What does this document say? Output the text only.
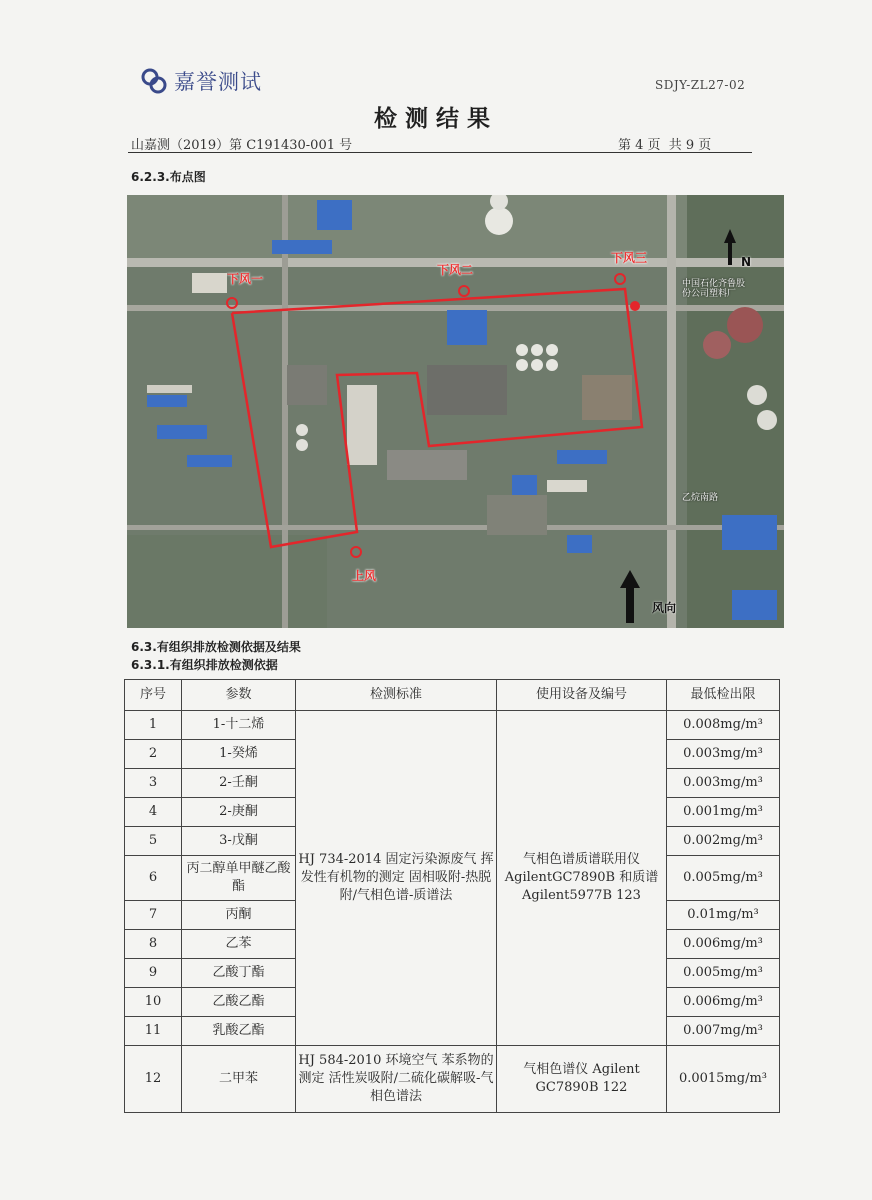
嘉誉测试	SDJY-ZL27-02
检测结果
山嘉测（2019）第 C191430-001 号	第 4 页 共 9 页
6.2.3.布点图
下风一
下风二
下风三
上风
N
风向
乙烷南路
中国石化齐鲁股份公司塑料厂
6.3.有组织排放检测依据及结果
6.3.1.有组织排放检测依据
序号	参数	检测标准	使用设备及编号	最低检出限
1	1-十二烯	HJ 734-2014 固定污染源废气 挥发性有机物的测定 固相吸附-热脱附/气相色谱-质谱法	气相色谱质谱联用仪 AgilentGC7890B 和质谱 Agilent5977B 123	0.008mg/m³
2	1-癸烯			0.003mg/m³
3	2-壬酮			0.003mg/m³
4	2-庚酮			0.001mg/m³
5	3-戊酮			0.002mg/m³
6	丙二醇单甲醚乙酸酯			0.005mg/m³
7	丙酮			0.01mg/m³
8	乙苯			0.006mg/m³
9	乙酸丁酯			0.005mg/m³
10	乙酸乙酯			0.006mg/m³
11	乳酸乙酯			0.007mg/m³
12	二甲苯	HJ 584-2010 环境空气 苯系物的测定 活性炭吸附/二硫化碳解吸-气相色谱法	气相色谱仪 Agilent GC7890B 122	0.0015mg/m³
